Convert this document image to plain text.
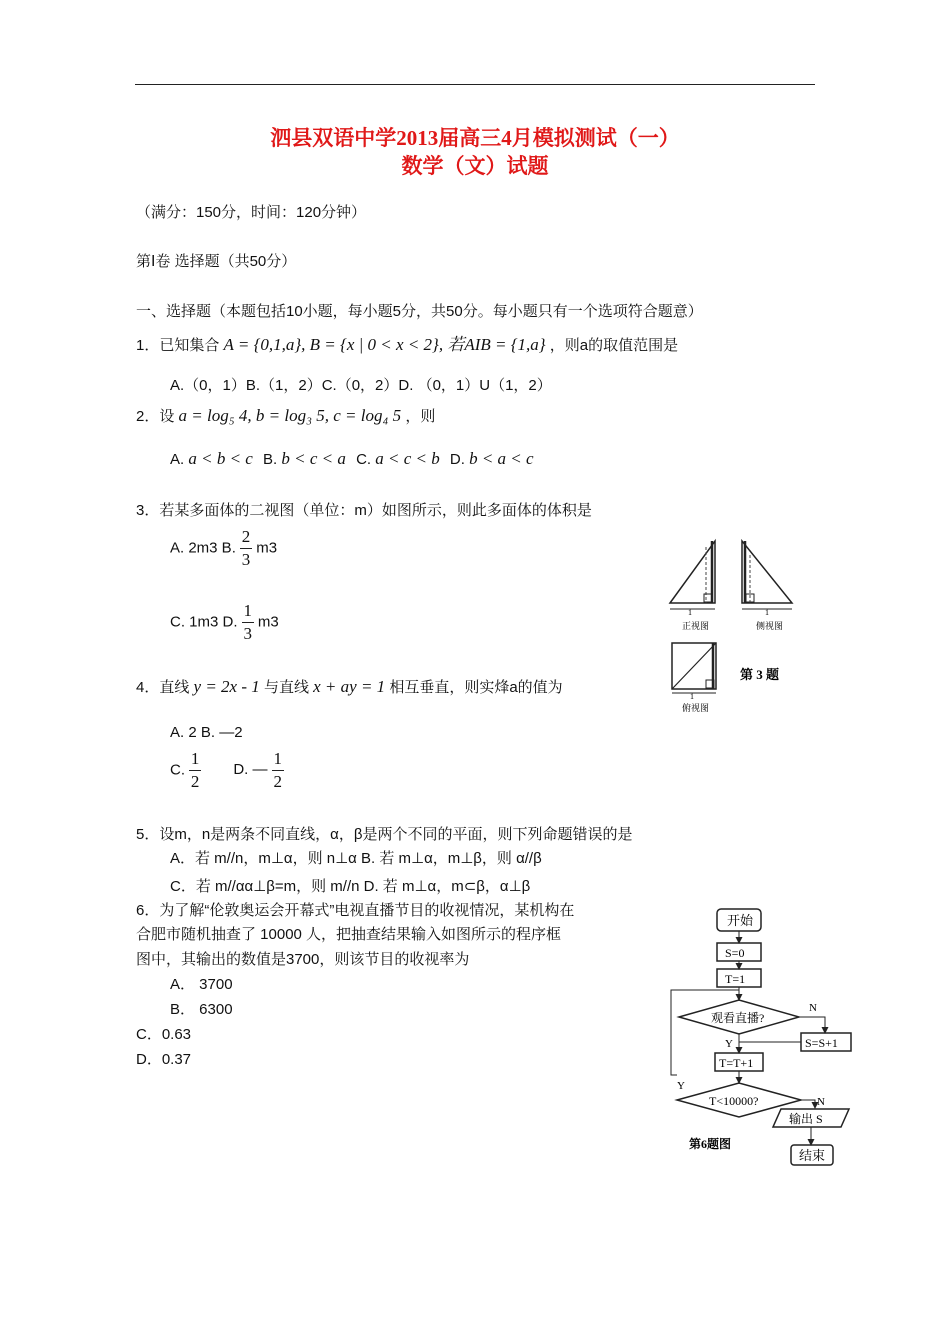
泗县双语中学2013届高三4月模拟测试（一）
数学（文）试题
（满分：150分，时间：120分钟）
第Ⅰ卷 选择题（共50分）
一、选择题（本题包括10小题，每小题5分，共50分。每小题只有一个选项符合题意）
1．已知集合 A = {0,1,a}, B = {x | 0 < x < 2}, 若AIB = {1,a} ，则a的取值范围是
A.（0，1）B.（1，2）C.（0，2）D. （0，1）U（1，2）
2．设 a = log₅ 4, b = log₃ 5, c = log₄ 5 ，则
A. a < b < c B. b < c < a C. a < c < b D. b < a < c
3．若某多面体的二视图（单位：m）如图所示，则此多面体的体积是
A. 2m3 B. $\frac{2}{3} m3$
C. 1m3 D. $\frac{1}{3} m3$
1
正视图
1
侧视图
1
俯视图
第 3 题
4．直线 y = 2x - 1 与直线 x + ay = 1 相互垂直，则实烽a的值为
A. 2 B. —2
C. $\frac{1}{2} D$. — $\frac{1}{2}$
5．设m，n是两条不同直线，α，β是两个不同的平面，则下列命题错误的是
A．若 m//n，m⊥α，则 n⊥α B. 若 m⊥α，m⊥β，则 α//β
C．若 m//αα⊥β=m，则 m//n D. 若 m⊥α，m⊂β，α⊥β
6．为了解“伦敦奥运会开幕式”电视直播节目的收视情况，某机构在
合肥市随机抽查了 10000 人，把抽查结果输入如图所示的程序框
图中，其输出的数值是3700，则该节目的收视率为
A． 3700
B． 6300
C．0.63
D．0.37
开始
S=0
T=1
观看直播?
N
S=S+1
Y
T=T+1
T<10000?
Y
N
输出 S
第6题图
结束
